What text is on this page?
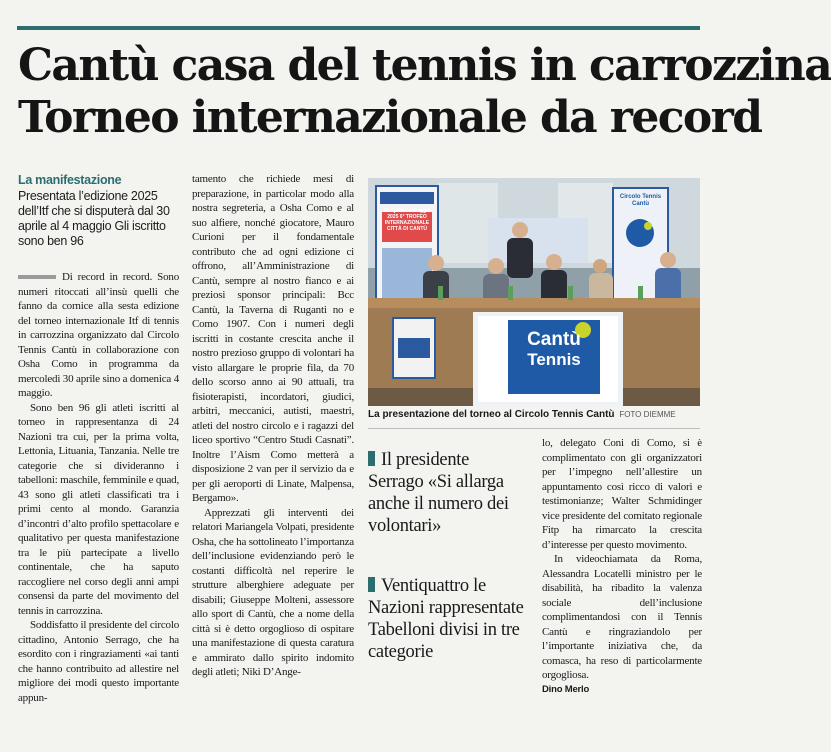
Cantù casa del tennis in carrozzina
Torneo internazionale da record
La manifestazione
Presentata l’edizione 2025 dell’Itf che si disputerà dal 30 aprile al 4 maggio Gli iscritto sono ben 96

Di record in record. Sono numeri ritoccati all’insù quelli che fanno da cornice alla sesta edizione del torneo internazionale Itf di tennis in carrozzina organizzato dal Circolo Tennis Cantù in collaborazione con Osha Como in programma da mercoledì 30 aprile sino a domenica 4 maggio.

Sono ben 96 gli atleti iscritti al torneo in rappresentanza di 24 Nazioni tra cui, per la prima volta, Lettonia, Lituania, Tanzania. Nelle tre categorie che si divideranno i tabelloni: maschile, femminile e quad, 43 sono gli atleti classificati tra i primi cento al mondo. Garanzia d’incontri d’alto profilo spettacolare e qualitativo per questa manifestazione tra le più partecipate a livello continentale, che ha saputo raccogliere nel corso degli anni ampi consensi da parte del movimento del tennis in carrozzina.

Soddisfatto il presidente del circolo cittadino, Antonio Serrago, che ha esordito con i ringraziamenti «ai tanti che hanno contribuito ad allestire nel migliore dei modi questo importante appun-

tamento che richiede mesi di preparazione, in particolar modo alla nostra segreteria, a Osha Como e al suo alfiere, nonché giocatore, Mauro Curioni per il fondamentale contributo che ad ogni edizione ci offrono, all’Amministrazione di Cantù, sempre al nostro fianco e ai preziosi sponsor principali: Bcc Cantù, la Taverna di Ruganti no e Como 1907. Con i numeri degli iscritti in costante crescita anche il nostro prezioso gruppo di volontari ha visto allargare le proprie fila, da 70 dello scorso anno ai 90 attuali, tra fisioterapisti, incordatori, giudici, arbitri, meccanici, autisti, maestri, atleti del nostro circolo e i ragazzi del liceo sportivo “Centro Studi Casnati”. Inoltre l’Aism Como metterà a disposizione 2 van per il servizio da e per gli aeroporti di Linate, Malpensa, Bergamo».

Apprezzati gli interventi dei relatori Mariangela Volpati, presidente Osha, che ha sottolineato l’importanza dell’inclusione evidenziando però le costanti difficoltà nel reperire le strutture alberghiere adeguate per disabili; Giuseppe Molteni, assessore allo sport di Cantù, che a nome della città si è detto orgoglioso di ospitare una manifestazione di questa caratura e ammirato dallo spirito indomito degli atleti; Niki D’Ange-

Cantù
Tennis
30 Aprile - 4 Maggio 2025 6° TROFEO INTERNAZIONALE CITTÀ DI CANTÙ
Circolo Tennis Cantù
La presentazione del torneo al Circolo Tennis Cantù FOTO DIEMME
Il presidente Serrago «Si allarga anche il numero dei volontari»
Ventiquattro le Nazioni rappresentate Tabelloni divisi in tre categorie

lo, delegato Coni di Como, si è complimentato con gli organizzatori per l’impegno nell’allestire un appuntamento così ricco di valori e testimonianze; Walter Schmidinger vice presidente del comitato regionale Fitp ha rimarcato la crescita d’interesse per questo movimento.

In videochiamata da Roma, Alessandra Locatelli ministro per le disabilità, ha ribadito la valenza sociale dell’inclusione complimentandosi con il Tennis Cantù e ringraziandolo per l’importante iniziativa che, da comasca, ha reso di particolarmente orgogliosa.

Dino Merlo
